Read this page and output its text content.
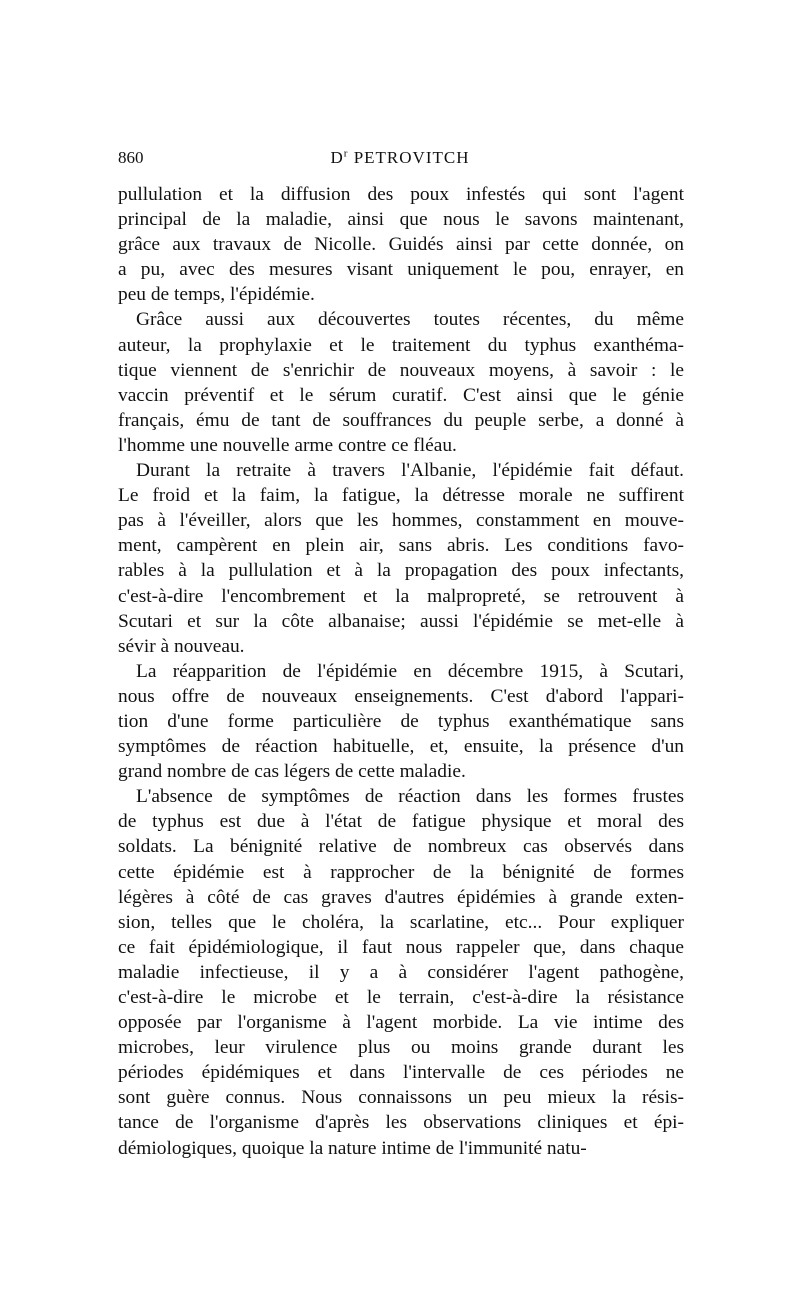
860	$D^r$ PETROVITCH
pullulation et la diffusion des poux infestés qui sont l'agent
principal de la maladie, ainsi que nous le savons maintenant,
grâce aux travaux de Nicolle. Guidés ainsi par cette donnée, on
a pu, avec des mesures visant uniquement le pou, enrayer, en
peu de temps, l'épidémie.
Grâce aussi aux découvertes toutes récentes, du même
auteur, la prophylaxie et le traitement du typhus exanthéma-
tique viennent de s'enrichir de nouveaux moyens, à savoir : le
vaccin préventif et le sérum curatif. C'est ainsi que le génie
français, ému de tant de souffrances du peuple serbe, a donné à
l'homme une nouvelle arme contre ce fléau.
Durant la retraite à travers l'Albanie, l'épidémie fait défaut.
Le froid et la faim, la fatigue, la détresse morale ne suffirent
pas à l'éveiller, alors que les hommes, constamment en mouve-
ment, campèrent en plein air, sans abris. Les conditions favo-
rables à la pullulation et à la propagation des poux infectants,
c'est-à-dire l'encombrement et la malpropreté, se retrouvent à
Scutari et sur la côte albanaise; aussi l'épidémie se met-elle à
sévir à nouveau.
La réapparition de l'épidémie en décembre 1915, à Scutari,
nous offre de nouveaux enseignements. C'est d'abord l'appari-
tion d'une forme particulière de typhus exanthématique sans
symptômes de réaction habituelle, et, ensuite, la présence d'un
grand nombre de cas légers de cette maladie.
L'absence de symptômes de réaction dans les formes frustes
de typhus est due à l'état de fatigue physique et moral des
soldats. La bénignité relative de nombreux cas observés dans
cette épidémie est à rapprocher de la bénignité de formes
légères à côté de cas graves d'autres épidémies à grande exten-
sion, telles que le choléra, la scarlatine, etc... Pour expliquer
ce fait épidémiologique, il faut nous rappeler que, dans chaque
maladie infectieuse, il y a à considérer l'agent pathogène,
c'est-à-dire le microbe et le terrain, c'est-à-dire la résistance
opposée par l'organisme à l'agent morbide. La vie intime des
microbes, leur virulence plus ou moins grande durant les
périodes épidémiques et dans l'intervalle de ces périodes ne
sont guère connus. Nous connaissons un peu mieux la résis-
tance de l'organisme d'après les observations cliniques et épi-
démiologiques, quoique la nature intime de l'immunité natu-
